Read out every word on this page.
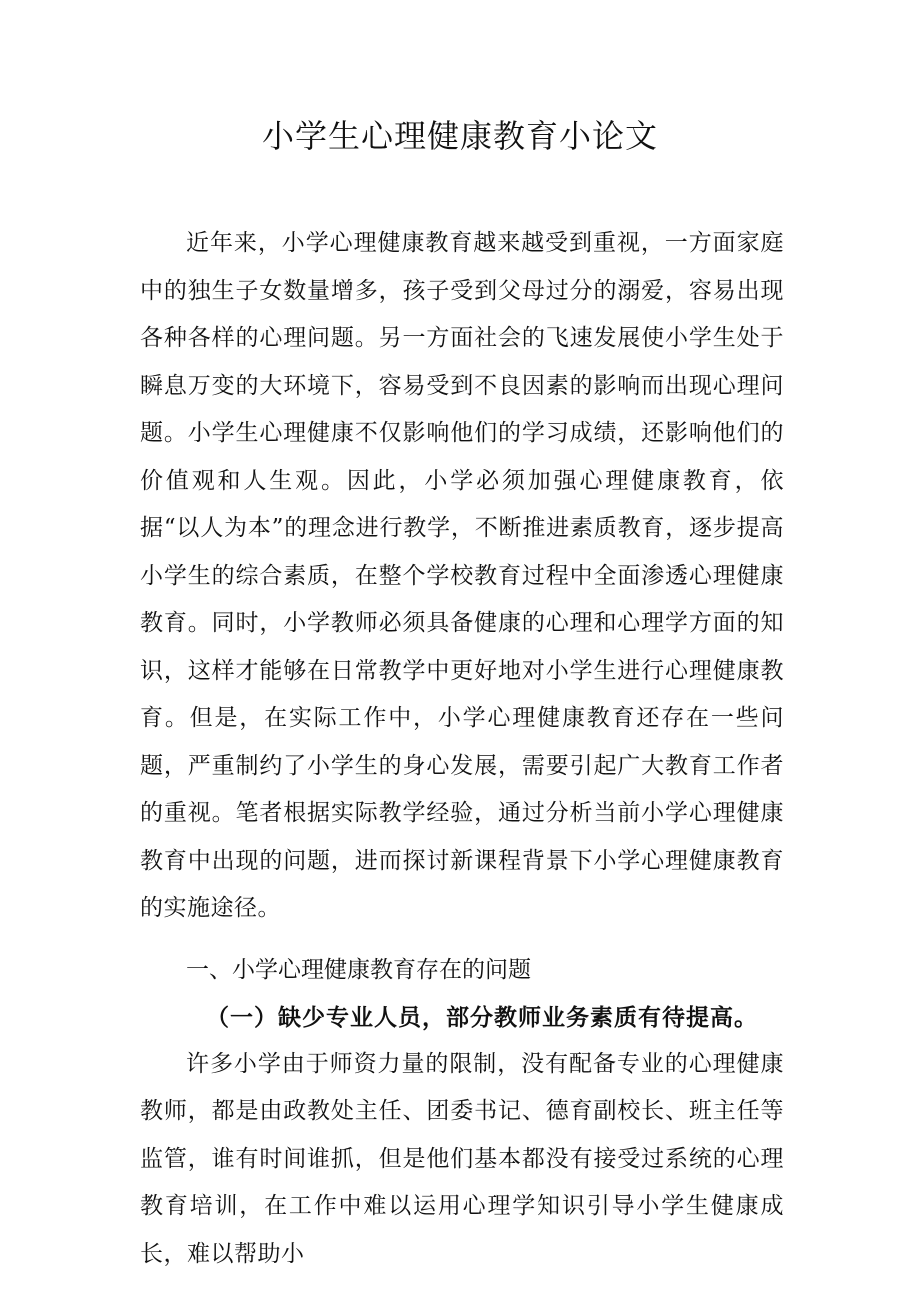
小学生心理健康教育小论文

近年来，小学心理健康教育越来越受到重视，一方面家庭中的独生子女数量增多，孩子受到父母过分的溺爱，容易出现各种各样的心理问题。另一方面社会的飞速发展使小学生处于瞬息万变的大环境下，容易受到不良因素的影响而出现心理问题。小学生心理健康不仅影响他们的学习成绩，还影响他们的价值观和人生观。因此，小学必须加强心理健康教育，依据“以人为本”的理念进行教学，不断推进素质教育，逐步提高小学生的综合素质，在整个学校教育过程中全面渗透心理健康教育。同时，小学教师必须具备健康的心理和心理学方面的知识，这样才能够在日常教学中更好地对小学生进行心理健康教育。但是，在实际工作中，小学心理健康教育还存在一些问题，严重制约了小学生的身心发展，需要引起广大教育工作者的重视。笔者根据实际教学经验，通过分析当前小学心理健康教育中出现的问题，进而探讨新课程背景下小学心理健康教育的实施途径。

一、小学心理健康教育存在的问题

（一）缺少专业人员，部分教师业务素质有待提高。

许多小学由于师资力量的限制，没有配备专业的心理健康教师，都是由政教处主任、团委书记、德育副校长、班主任等监管，谁有时间谁抓，但是他们基本都没有接受过系统的心理教育培训，在工作中难以运用心理学知识引导小学生健康成长，难以帮助小
